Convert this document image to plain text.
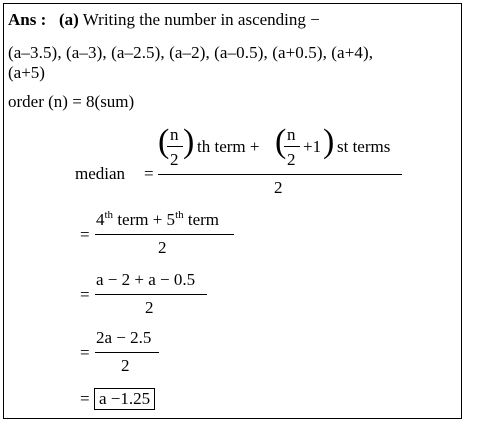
Ans : (a) Writing the number in ascending −
(a–3.5), (a–3), (a–2.5), (a–2), (a–0.5), (a+0.5), (a+4),
(a+5)
order (n) = 8(sum)
median =
( n
2 ) th term + ( n
2
+1 ) st terms
2
=
4th term + 5th term
2
=
a − 2 + a − 0.5
2
=
2a − 2.5
2
= a −1.25
